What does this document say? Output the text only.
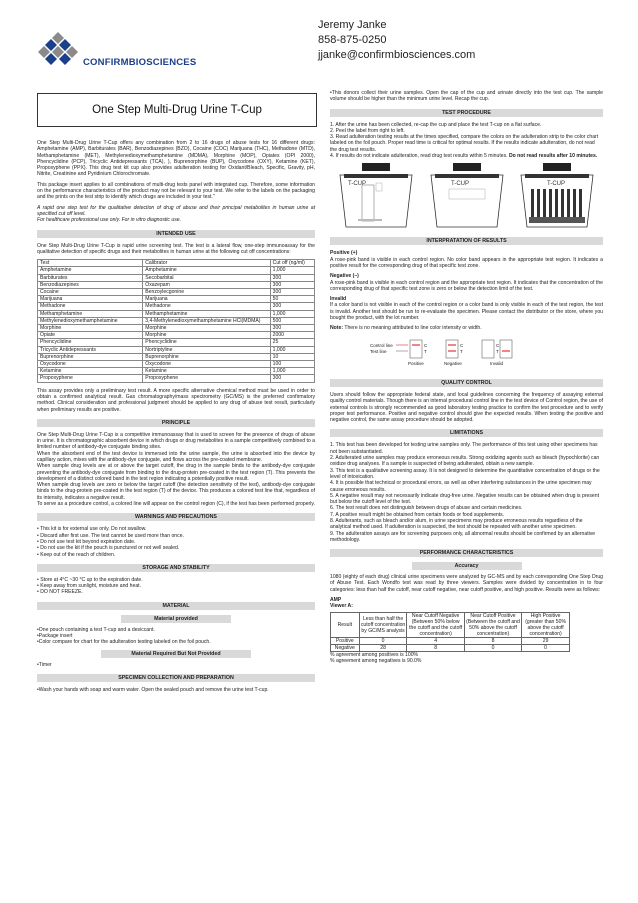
Jeremy Janke
858-875-0250
jjanke@confirmbiosciences.com
CONFIRMBIOSCIENCES
One Step Multi-Drug Urine T-Cup

One Step Multi-Drug Urine T-Cup offers any combination from 2 to 16 drugs of abuse tests for 16 different drugs: Amphetamine (AMP), Barbiturates (BAR), Benzodiazepines (BZO), Cocaine (COC) Marijuana (THC), Methadone (MTD), Methamphetamine (MET), Methylenedioxymethamphetamine (MDMA), Morphine (MOP), Opiates (OPI 2000), Phencyclidine (PCP), Tricyclic Antidepressants (TCA), ), Buprenorphine (BUP), Oxycodone (OXY), Ketamine (KET), Propoxyphene (PPX). This drug test kit cup also provides adulteration testing for Oxidant/Bleach, Specific, Gravity, pH, Nitrite, Creatinine and Pyridinium Chlorochromate.

This package insert applies to all combinations of multi-drug tests panel with integrated cup. Therefore, some information on the performance characteristics of the product may not be relevant to your test. We refer to the labels on the packaging and the prints on the test strip to identify which drugs are included in your test."

A rapid one step test for the qualitative detection of drug of abuse and their principal metabolites in human urine at specified cut off level.

For healthcare professional use only. For in vitro diagnostic use.

INTENDED USE

One Step Multi-Drug Urine T-Cup is rapid urine screening test. The test is a lateral flow, one-step immunoassay for the qualitative detection of specific drugs and their metabolites in human urine at the following cut off concentrations:

Test	Calibrator	Cut off (ng/ml)
Amphetamine	Amphetamine	1,000
Barbiturates	Secobarbital	300
Benzodiazepines	Oxazepam	300
Cocaine	Benzoylecgonine	300
Marijuana	Marijuana	50
Methadone	Methadone	300
Methamphetamine	Methamphetamine	1,000
Methylenedioxymethamphetamine	3,4-Methylenedioxymethamphetamine HCl(MDMA)	500
Morphine	Morphine	300
Opiate	Morphine	2000
Phencyclidine	Phencyclidine	25
Tricyclic Antidepressants	Nortriptyline	1,000
Buprenorphine	Buprenorphine	10
Oxycodone	Oxycodone	100
Ketamine	Ketamine	1,000
Propoxyphene	Propoxyphene	300

This assay provides only a preliminary test result. A more specific alternative chemical method must be used in order to obtain a confirmed analytical result. Gas chromatography/mass spectrometry (GC/MS) is the preferred confirmatory method. Clinical consideration and professional judgment should be applied to any drug of abuse test result, particularly when preliminary results are positive.

PRINCIPLE

One Step Multi-Drug Urine T-Cup is a competitive immunoassay that is used to screen for the presence of drugs of abuse in urine. It is chromatographic absorbent device in which drugs or drug metabolites in a sample competitively combined to a limited number of antibody-dye conjugate binding sites.

When the absorbent end of the test device is immersed into the urine sample, the urine is absorbed into the device by capillary action, mixes with the antibody-dye conjugate, and flows across the pre-coated membrane.

When sample drug levels are at or above the target cutoff, the drug in the sample binds to the antibody-dye conjugate preventing the antibody-dye conjugate from binding to the drug-protein pre-coated in the test region (T). This prevents the development of a distinct colored band in the test region indicating a potentially positive result.

When sample drug levels are zero or below the target cutoff (the detection sensitivity of the test), antibody-dye conjugate binds to the drug-protein pre-coated in the test region (T) of the device. This produces a colored test line that, regardless of its intensity, indicates a negative result.

To serve as a procedure control, a colored line will appear on the control region (C), if the test has been performed properly.

WARNINGS AND PRECAUTIONS
• This kit is for external use only. Do not swallow.
• Discard after first use. The test cannot be used more than once.
• Do not use test kit beyond expiration date.
• Do not use the kit if the pouch is punctured or not well sealed.
• Keep out of the reach of children.
STORAGE AND STABILITY
• Store at 4°C ~30 °C up to the expiration date.
• Keep away from sunlight, moisture and heat.
• DO NOT FREEZE.
MATERIAL
Material provided
•One pouch containing a test T-cup and a desiccant.
•Package insert
•Color compare for chart for the adulteration testing labeled on the foil pouch.
Material Required But Not Provided
•Timer
SPECIMEN COLLECTION AND PREPARATION

•Wash your hands with soap and warm water. Open the sealed pouch and remove the urine test T-cup.

•This donors collect their urine samples. Open the cap of the cup and urinate directly into the test cup. The sample volume should be higher than the minimum urine level. Recap the cup.

TEST PROCEDURE
1. After the urine has been collected, re-cap the cup and place the test T-cup on a flat surface.
2. Peel the label from right to left.
3. Read adulteration testing results at the times specified, compare the colors on the adulteration strip to the color chart labeled on the foil pouch. Proper read time is critical for optimal results. If the results indicate adulteration, do not read the drug test results.
4. If results do not indicate adulteration, read drug test results within 5 minutes. Do not read results after 10 minutes.
T-CUP	T-CUP	T-CUP
INTERPRATATION OF RESULTS
Positive (+)

A rose-pink band is visible in each control region. No color band appears in the appropriate test region. It indicates a positive result for the corresponding drug of that specific test zone.

Negative (–)

A rose-pink band is visible in each control region and the appropriate test region. It indicates that the concentration of the corresponding drug of that specific test zone is zero or below the detection limit of the test.

Invalid

If a color band is not visible in each of the control region or a color band is only visible in each of the test region, the test is invalid. Another test should be run to re-evaluate the specimen. Please contact the distributor or the store, where you bought the product, with the lot number.

Note: There is no meaning attributed to line color intensity or width.

Control line
Test line
C
T
Positive
C
T
Negative
C
T
Invalid
QUALITY CONTROL

Users should follow the appropriate federal state, and local guidelines concerning the frequency of assaying external quality control materials. Though there is an internal procedural control line in the test device of Control region, the use of external controls is strongly recommended as good laboratory testing practice to confirm the test procedure and to verify proper test performance. Positive and negative control should give the expected results. When testing the positive and negative control, the same assay procedure should be adopted.

LIMITATIONS
1. This test has been developed for testing urine samples only. The performance of this test using other specimens has not been substantiated.
2. Adulterated urine samples may produce erroneous results. Strong oxidizing agents such as bleach (hypochlorite) can oxidize drug analyses. If a sample is suspected of being adulterated, obtain a new sample.
3. This test is a qualitative screening assay. It is not designed to determine the quantitative concentration of drugs or the level of intoxication.
4. It is possible that technical or procedural errors, as well as other interfering substances in the urine specimen may cause erroneous results.
5. A negative result may not necessarily indicate drug-free urine. Negative results can be obtained when drug is present but below the cutoff level of the test.
6. The test result does not distinguish between drugs of abuse and certain medicines.
7. A positive result might be obtained from certain foods or food supplements.
8. Adulterants, such as bleach and/or alum, in urine specimens may produce erroneous results regardless of the analytical method used. If adulteration is suspected, the test should be repeated with another urine specimen.
9. The adulteration assays are for screening purposes only, all abnormal results should be confirmed by an alternative methodology.
PERFORMANCE CHARACTERISTICS
Accuracy

1080 (eighty of each drug) clinical urine specimens were analyzed by GC-MS and by each corresponding One Step Drug of Abuse Test. Each Wondfo test was read by three viewers. Samples were divided by concentration in to four categories: less than half the cutoff, near cutoff negative, near cutoff positive, and high positive. Results were as follows:

AMP
Viewer A:
Result	Less than half the cutoff concentration by GC/MS analysis	Near Cutoff Negative (Between 50% below the cutoff and the cutoff concentration)	Near Cutoff Positive (Between the cutoff and 50% above the cutoff concentration)	High Positive (greater than 50% above the cutoff concentration)
Positive	0	4	8	29
Negative	28	8	0	0
% agreement among positives is 100%
% agreement among negatives is 90.0%
